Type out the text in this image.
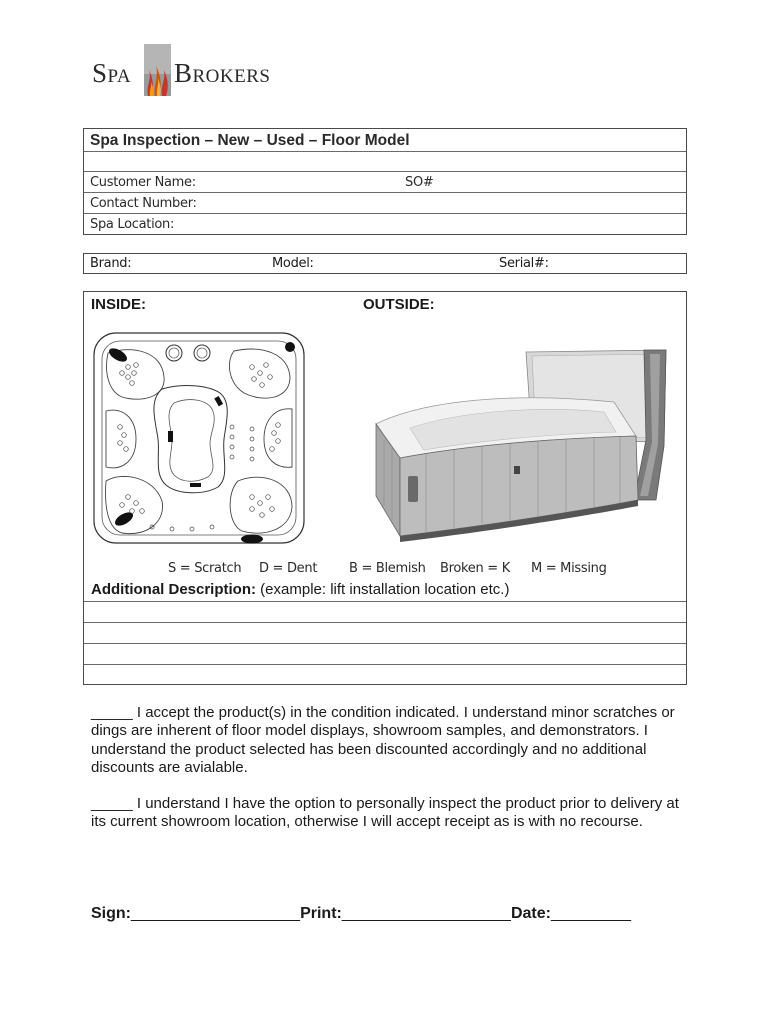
Spa Brokers
Spa Inspection – New – Used – Floor Model
Customer Name:	SO#
Contact Number:
Spa Location:
Brand:	Model:	Serial#:
INSIDE:	OUTSIDE:
S = Scratch D = Dent B = Blemish Broken = K M = Missing
Additional Description: (example: lift installation location etc.)
_____ I accept the product(s) in the condition indicated. I understand minor scratches or dings are inherent of floor model displays, showroom samples, and demonstrators. I understand the product selected has been discounted accordingly and no additional discounts are avialable.
_____ I understand I have the option to personally inspect the product prior to delivery at its current showroom location, otherwise I will accept receipt as is with no recourse.
Sign:___________________Print:___________________Date:_________
